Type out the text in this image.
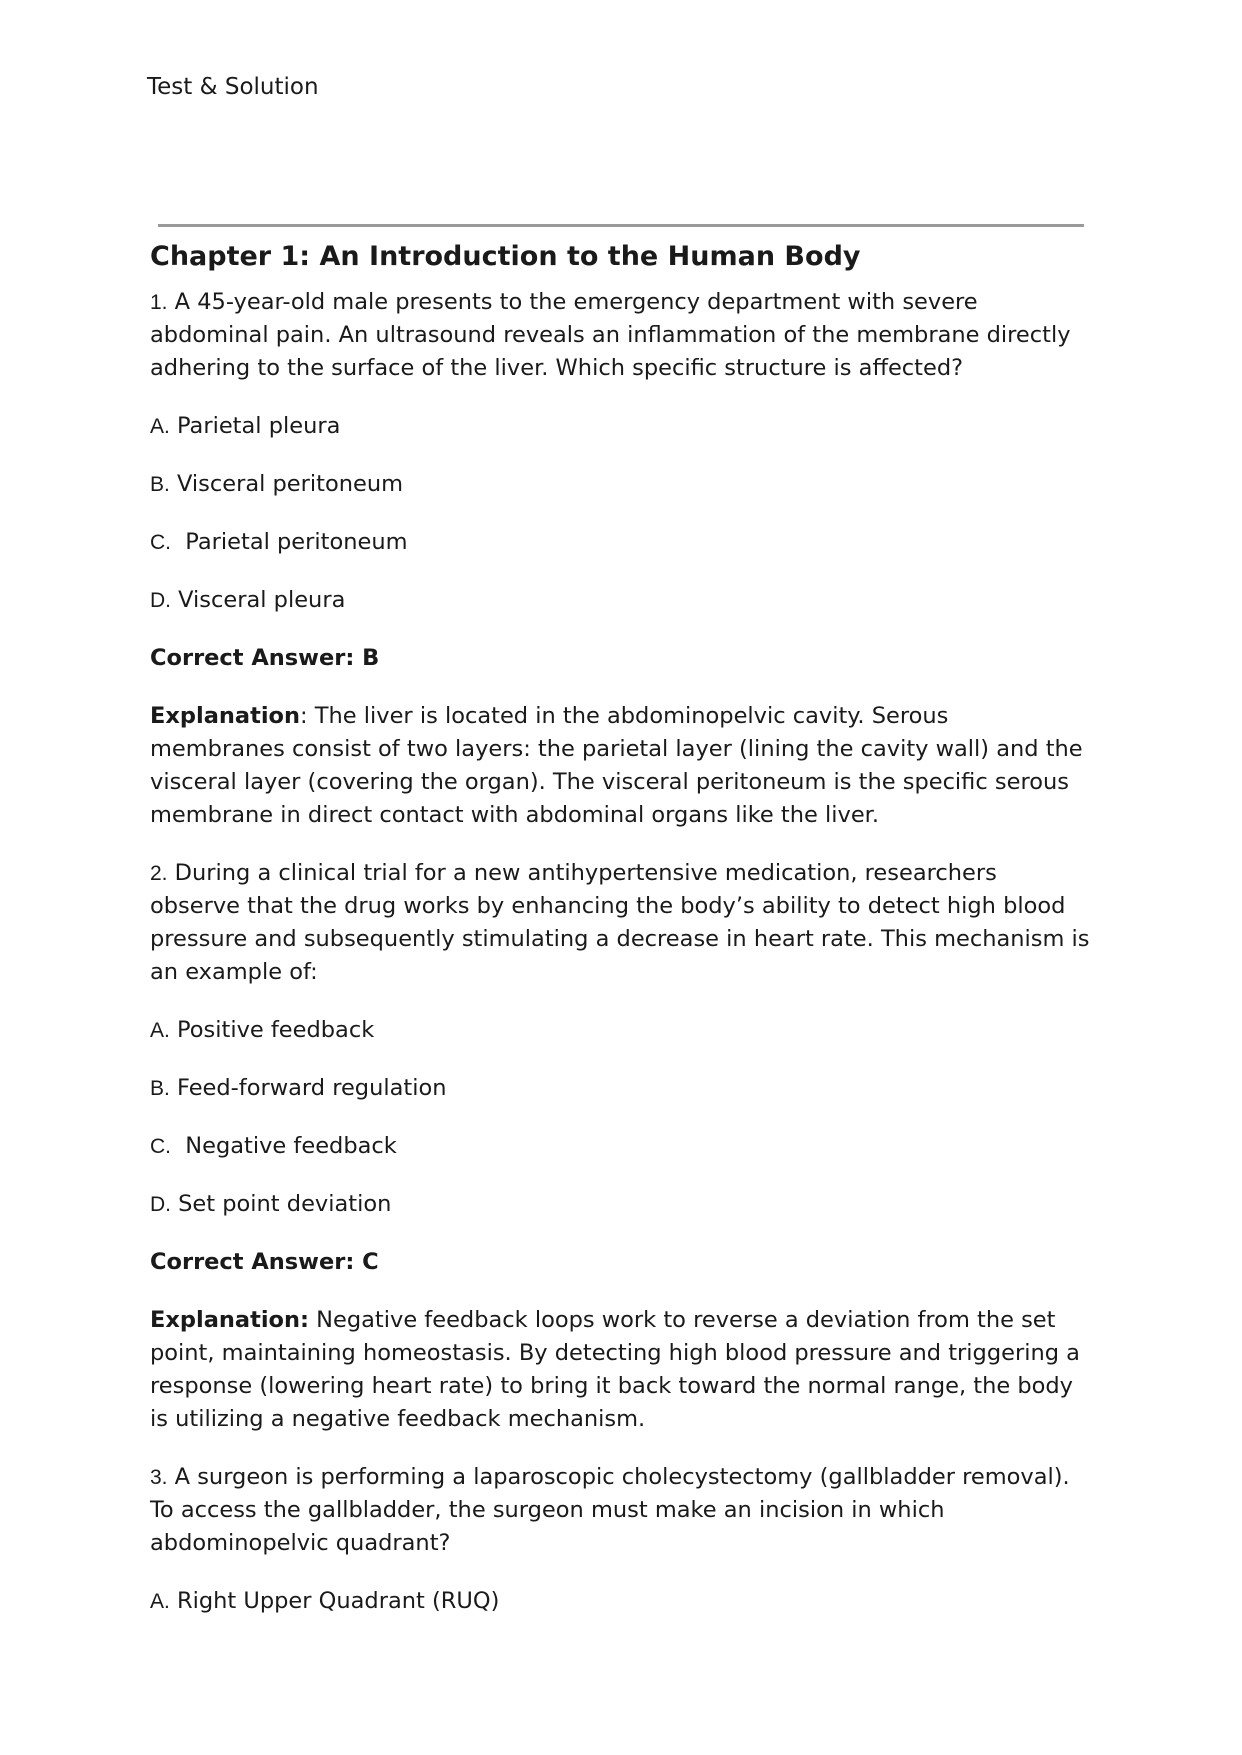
Test & Solution
Chapter 1: An Introduction to the Human Body
1. A 45-year-old male presents to the emergency department with severe abdominal pain. An ultrasound reveals an inflammation of the membrane directly adhering to the surface of the liver. Which specific structure is affected?
A. Parietal pleura
B. Visceral peritoneum
C.  Parietal peritoneum
D. Visceral pleura
Correct Answer: B
Explanation: The liver is located in the abdominopelvic cavity. Serous membranes consist of two layers: the parietal layer (lining the cavity wall) and the visceral layer (covering the organ). The visceral peritoneum is the specific serous membrane in direct contact with abdominal organs like the liver.
2. During a clinical trial for a new antihypertensive medication, researchers observe that the drug works by enhancing the body’s ability to detect high blood pressure and subsequently stimulating a decrease in heart rate. This mechanism is an example of:
A. Positive feedback
B. Feed-forward regulation
C.  Negative feedback
D. Set point deviation
Correct Answer: C
Explanation: Negative feedback loops work to reverse a deviation from the set point, maintaining homeostasis. By detecting high blood pressure and triggering a response (lowering heart rate) to bring it back toward the normal range, the body is utilizing a negative feedback mechanism.
3. A surgeon is performing a laparoscopic cholecystectomy (gallbladder removal). To access the gallbladder, the surgeon must make an incision in which abdominopelvic quadrant?
A. Right Upper Quadrant (RUQ)
